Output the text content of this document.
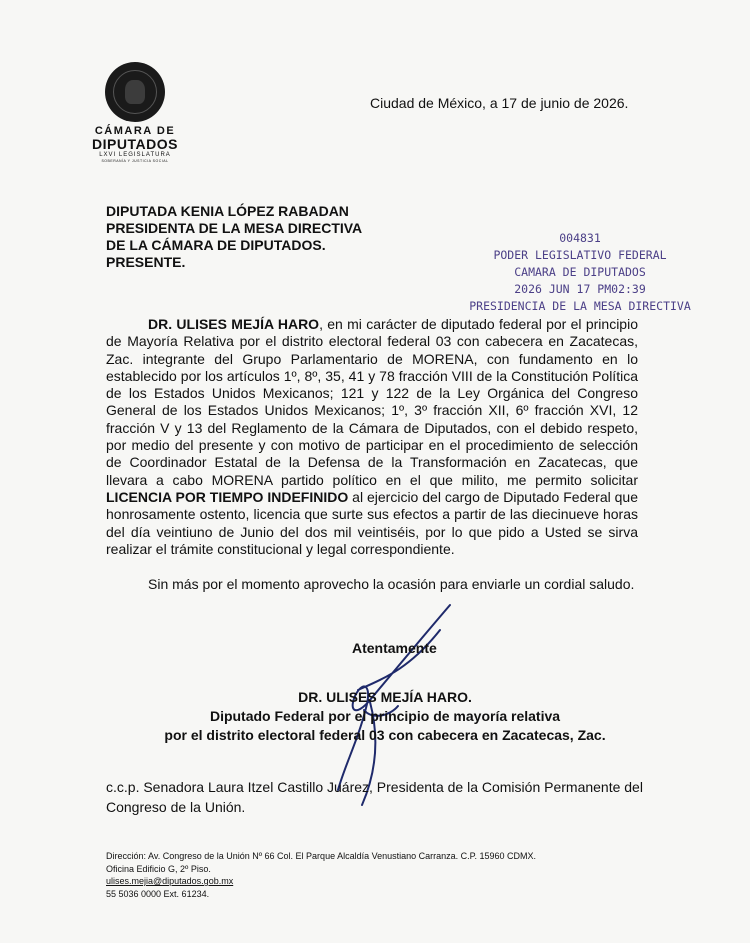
CÁMARA DE
DIPUTADOS
LXVI LEGISLATURA
SOBERANÍA Y JUSTICIA SOCIAL
Ciudad de México, a 17 de junio de 2026.
DIPUTADA KENIA LÓPEZ RABADAN
PRESIDENTA DE LA MESA DIRECTIVA
DE LA CÁMARA DE DIPUTADOS.
PRESENTE.
004831
PODER LEGISLATIVO FEDERAL
CAMARA DE DIPUTADOS
2026 JUN 17 PM02:39
PRESIDENCIA DE LA MESA DIRECTIVA
DR. ULISES MEJÍA HARO, en mi carácter de diputado federal por el principio de Mayoría Relativa por el distrito electoral federal 03 con cabecera en Zacatecas, Zac. integrante del Grupo Parlamentario de MORENA, con fundamento en lo establecido por los artículos 1º, 8º, 35, 41 y 78 fracción VIII de la Constitución Política de los Estados Unidos Mexicanos; 121 y 122 de la Ley Orgánica del Congreso General de los Estados Unidos Mexicanos; 1º, 3º fracción XII, 6º fracción XVI, 12 fracción V y 13 del Reglamento de la Cámara de Diputados, con el debido respeto, por medio del presente y con motivo de participar en el procedimiento de selección de Coordinador Estatal de la Defensa de la Transformación en Zacatecas, que llevara a cabo MORENA partido político en el que milito, me permito solicitar LICENCIA POR TIEMPO INDEFINIDO al ejercicio del cargo de Diputado Federal que honrosamente ostento, licencia que surte sus efectos a partir de las diecinueve horas del día veintiuno de Junio del dos mil veintiséis, por lo que pido a Usted se sirva realizar el trámite constitucional y legal correspondiente.
Sin más por el momento aprovecho la ocasión para enviarle un cordial saludo.
Atentamente
DR. ULISES MEJÍA HARO.
Diputado Federal por el principio de mayoría relativa
por el distrito electoral federal 03 con cabecera en Zacatecas, Zac.
c.c.p. Senadora Laura Itzel Castillo Juárez, Presidenta de la Comisión Permanente del Congreso de la Unión.
Dirección: Av. Congreso de la Unión Nº 66 Col. El Parque Alcaldía Venustiano Carranza. C.P. 15960 CDMX.
Oficina Edificio G, 2º Piso.
ulises.mejia@diputados.gob.mx
55 5036 0000 Ext. 61234.
